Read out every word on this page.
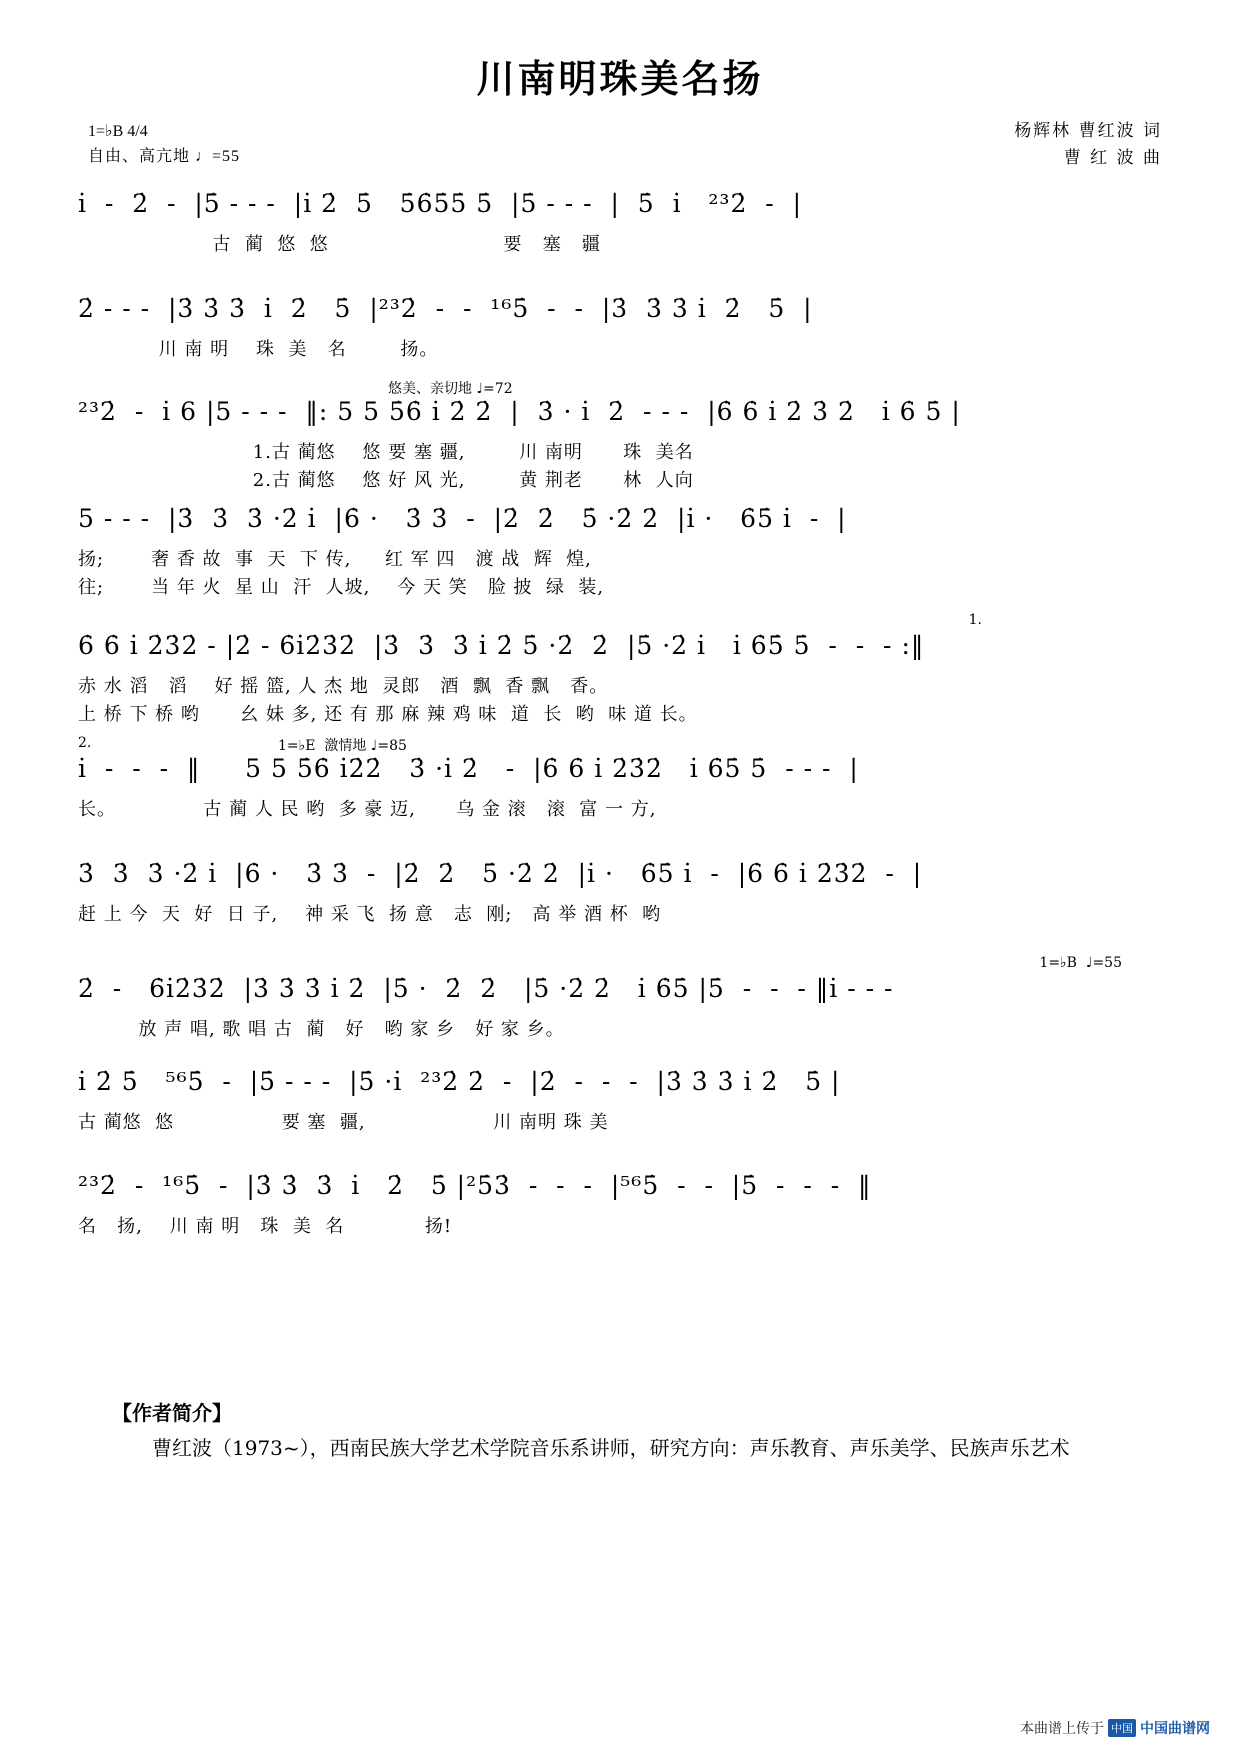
川南明珠美名扬
1=♭B 4/4
自由、高亢地 ♩=55
杨辉林 曹红波 词
曹 红 波 曲
i̇  -  2̇  -  |5̇ - - -  |i̇ 2̇  5̇   5̇6̇5̇5̇ 5̇  |5̇ - - -  |  5̇  i̇   ²³2̇  -  |
古  蔺  悠  悠                          要   塞   疆
2̇ - - -  |3̇ 3̇ 3̇  i̇  2̇   5̇  |²³2̇  -  -  ¹⁶5̇  -  -  |3̇  3̇ 3̇ i̇  2̇   5̇  |
川 南 明    珠  美   名        扬。
悠美、亲切地 ♩=72
²³2̇  -  i̇ 6 |5 - - -  ‖: 5 5 5̇6̇ i̇ 2̇ 2̇  |  3̇ · i̇  2̇  - - -  |6̇ 6̇ i̇ 2̇ 3̇ 2̇   i̇ 6̇ 5̇ |
1.古 蔺悠    悠 要 塞 疆,        川 南明      珠  美名
2.古 蔺悠    悠 好 风 光,        黄 荆老      林  人向
5 - - -  |3̇  3̇  3̇ ·2̇ i̇  |6̇ ·   3̇ 3̇  -  |2̇  2̇   5̇ ·2̇ 2̇  |i̇ ·   6̇5̇ i̇  -  |
扬;       奢 香 故  事  天  下 传,     红 军 四   渡 战  辉  煌,
往;       当 年 火  星 山  汗  人坡,    今 天 笑   脸 披  绿  装,
1.
6̇ 6̇ i̇ 2̇3̇2̇ - |2̇ - 6̇i̇2̇3̇2̇  |3̇  3̇  3̇ i̇ 2̇ 5̇ ·2̇  2̇  |5̇ ·2̇ i̇   i̇ 6̇5̇ 5̇  -  -  - :‖
赤 水 滔   滔    好 摇 篮, 人 杰 地  灵郎   酒  飘  香 飘   香。
上 桥 下 桥 哟      幺 妹 多, 还 有 那 麻 辣 鸡 味  道  长  哟  味 道 长。
2.	1=♭E  激情地 ♩=85
i̇  -  -  -  ‖     5 5 5̇6̇ i̇2̇2̇   3̇ ·i̇ 2̇   -  |6̇ 6̇ i̇ 2̇3̇2̇   i̇ 6̇5̇ 5̇  - - -  |
长。             古 蔺 人 民 哟  多 豪 迈,      乌 金 滚   滚  富 一 方,
3̇  3̇  3̇ ·2̇ i̇  |6̇ ·   3̇ 3̇  -  |2̇  2̇   5̇ ·2̇ 2̇  |i̇ ·   6̇5̇ i̇  -  |6̇ 6̇ i̇ 2̇3̇2̇  -  |
赶 上 今  天  好  日 子,    神 采 飞  扬 意   志  刚;   高 举 酒 杯  哟
1=♭B  ♩=55
2̇  -   6̇i̇2̇3̇2̇  |3̇ 3̇ 3̇ i̇ 2̇  |5̇ ·  2̇  2̇   |5̇ ·2̇ 2̇   i̇ 6̇5̇ |5̇  -  -  - ‖i̇ - - -
放 声 唱, 歌 唱 古  蔺   好   哟 家 乡   好 家 乡。
i̇ 2̇ 5̇   ⁵⁶5̇  -  |5̇ - - -  |5̇ ·i̇  ²³2̇ 2̇  -  |2̇  -  -  -  |3̇ 3̇ 3̇ i̇ 2̇   5̇ |
古 蔺悠  悠                要 塞  疆,                   川 南明 珠 美
²³2̇  -  ¹⁶5̇  -  |3̇ 3̇  3̇  i̇   2̇   5̇ |²5̇3̇  -  -  -  |⁵⁶5̇  -  -  |5̇  -  -  -  ‖
名   扬,    川 南 明   珠  美  名            扬!
【作者简介】
曹红波（1973~），西南民族大学艺术学院音乐系讲师，研究方向：声乐教育、声乐美学、民族声乐艺术
本曲谱上传于 中国 中国曲谱网
